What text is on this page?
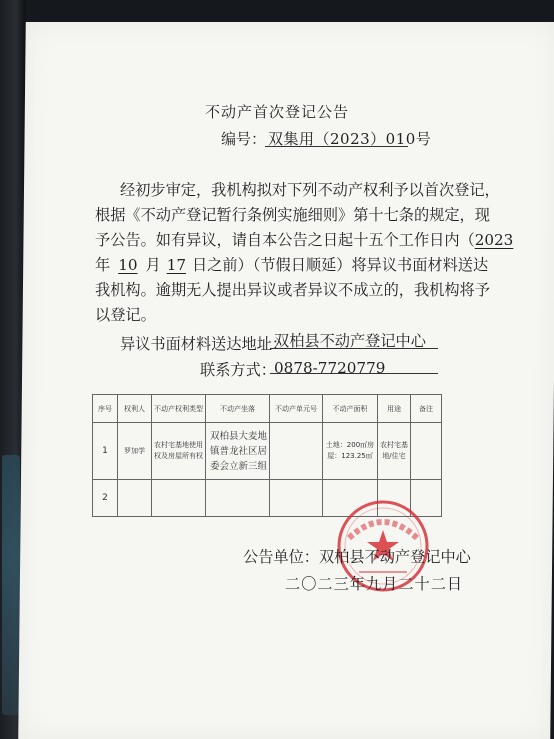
不动产首次登记公告
编号： 双集用（2023）010号
经初步审定，我机构拟对下列不动产权利予以首次登记，
根据《不动产登记暂行条例实施细则》第十七条的规定，现
予公告。如有异议，请自本公告之日起十五个工作日内（2023
年 10 月 17 日之前）（节假日顺延）将异议书面材料送达
我机构。逾期无人提出异议或者异议不成立的，我机构将予
以登记。
异议书面材料送达地址：
双柏县不动产登记中心
联系方式：
0878-7720779
序号	权利人	不动产权利类型	不动产坐落	不动产单元号	不动产面积	用途	备注
1	罗加学	农村宅基地使用权及房屋所有权	双柏县大麦地镇普龙社区居委会立新三组		土地：200㎡房屋：123.25㎡	农村宅基地/住宅	
2							
公告单位：双柏县不动产登记中心
二〇二三年九月二十二日
